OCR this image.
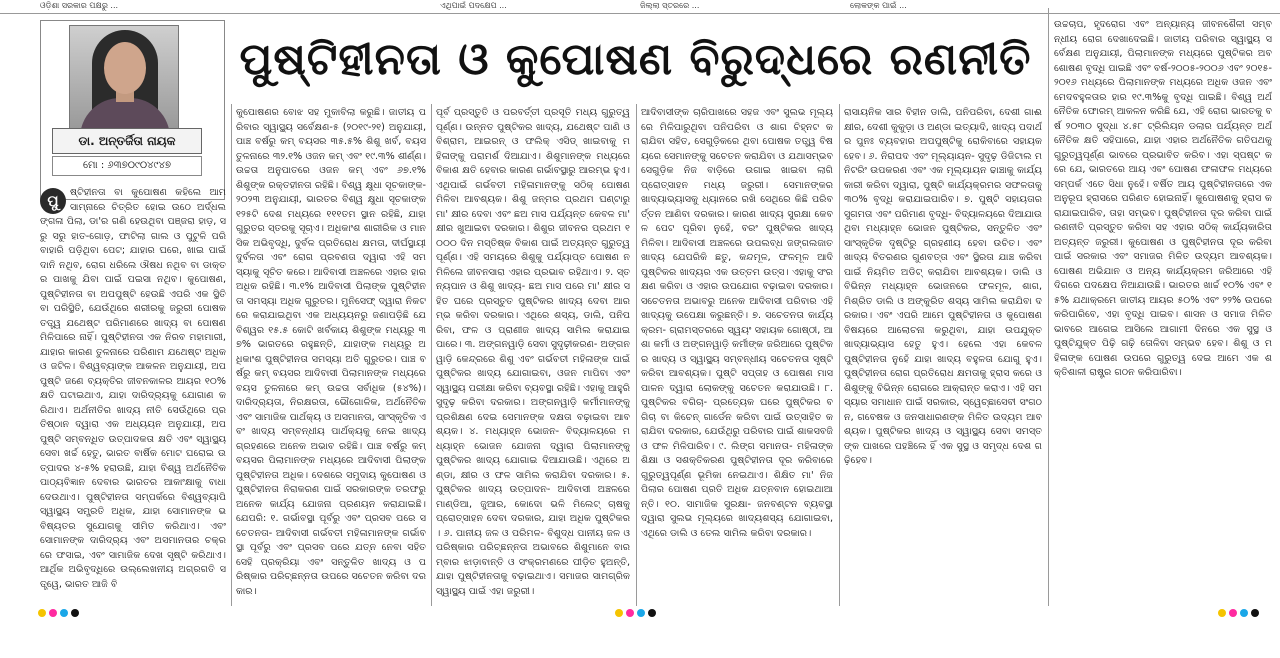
ଓଡ଼ିଶା ସରକାର ପକ୍ଷରୁ ...	ଏଥିପାଇଁ ପଦକ୍ଷେପ ...	ଜିଲ୍ଲା ସ୍ତରରେ ...	ଲୋକଙ୍କ ପାଇଁ ...
ଡା. ଅନ୍ତର୍ଜିତା ନାୟକ
ମୋ : ୬୩୭୦୯୦୪୯୪୭
ପୁଷ୍ଟିହୀନତା ଓ କୁପୋଷଣ ବିରୁଦ୍ଧରେ ରଣନୀତି
ପୁ	ଷ୍ଟିହୀନତା ବା କୁପୋଷଣ କହିଲେ ଆମ ସାମ୍ନାରେ ଚିତ୍ରିତ ହୋଇ ଉଠେ ଅର୍ଦ୍ଧଲଙ୍ଗଳା ପିଲା, ଡା'ର ଗଣି ହେଉଥିବା ପଞ୍ଜରା ହାଡ଼, ସରୁ ସରୁ ହାତ-ଗୋଡ଼, ଫାଟିଲା ଗାଲ ଓ ପୁଟୁଳି ପରି ବାହାରି ପଡ଼ିଥିବା ପେଟ; ଯାହାର ଘରେ, ଖାଇ ପାଇଁ ଦାନି ନଥିବ, ରୋଗ ଧରିଲେ ଔଷଧ ନଥିବ ବା ଡାକ୍ତର ପାଖକୁ ଯିବା ପାଇଁ ପଇସା ନଥିବ। କୁପୋଷଣ, ପୁଷ୍ଟିହୀନତା ବା ଅପପୁଷ୍ଟି ହେଉଛି ଏପରି ଏକ ସ୍ଥିତି ବା ପରିସ୍ଥିତି, ଯେଉଁଥିରେ ଶରୀରକୁ ଜରୁରୀ ପୋଷକ ତତ୍ତ୍ୱ ଯଥେଷ୍ଟ ପରିମାଣରେ ଖାଦ୍ୟ ବା ପୋଷଣ ମିଳିପାରେ ନାହିଁ। ପୁଷ୍ଟିହୀନତା ଏକ ନିରବ ମହାମାରୀ, ଯାହାର କାରଣ ତୁଳନାରେ ପରିଣାମ ଯଥେଷ୍ଟ ଅଧିକ ଓ ଜଟିଳ। ବିଶ୍ୱବ୍ୟାଙ୍କ ଆକଳନ ଅନୁଯାୟୀ, ଅପପୁଷ୍ଟି ଜଣେ ବ୍ୟକ୍ତିର ଜୀବନକାଳର ଆୟର ୧୦% କ୍ଷତି ଘଟାଇଥାଏ, ଯାହା ଦାରିଦ୍ର୍ୟକୁ ଯୋଗାଣ କରିଥାଏ। ଅର୍ଥନୀତିର ଖାଦ୍ୟ ନୀତି ସେଉଁଥିରେ ପ୍ରତିଷ୍ଠାନ ଦ୍ୱାରା ଏକ ଅଧ୍ୟୟନ ଅନୁଯାୟୀ, ଅପପୁଷ୍ଟି ସମ୍ବନ୍ଧିତ ଉତ୍ପାଦକତା କ୍ଷତି ଏବଂ ସ୍ୱାସ୍ଥ୍ୟସେବା ଖର୍ଚ୍ଚ ହେତୁ, ଭାରତ ବାର୍ଷିକ ମୋଟ ଘରୋଇ ଉତ୍ପାଦର ୪-୫% ହରାଉଛି, ଯାହା ବିଶ୍ୱ ଅର୍ଥନୈତିକ ପାଠ୍ୟବିଜ୍ଞାନ ଦେବାର ଭାରତର ଆକାଂକ୍ଷାକୁ ବାଧା ଦେଉଥାଏ। ପୁଷ୍ଟିହୀନତା ସମ୍ପର୍କରେ ବିଶ୍ୱବ୍ୟାପି ସ୍ୱାସ୍ଥ୍ୟ ସମ୍ପ୍ରତି ଅଧିକ, ଯାହା ସୋମାନଙ୍କ ଭବିଷ୍ୟତର ସୁଯୋଗକୁ ସୀମିତ କରିଥାଏ। ଏବଂ ସୋମାନଙ୍କ ଦାରିଦ୍ର୍ୟ ଏବଂ ଅସମାନତାର ଚକ୍ରରେ ଫସାଇ, ଏବଂ ସାମାଜିକ ଦେଖ ସୃଷ୍ଟି କରିଥାଏ। ଆର୍ଥିକ ଅଭିବୃଦ୍ଧିରେ ଉଲ୍ଲେଖନୀୟ ଅଗ୍ରଗତି ସତ୍ତ୍ୱେ, ଭାରତ ଆଜି ବି
କୁପୋଷଣର ବୋଝ ସହ ମୁକାବିଲା କରୁଛି। ଜାତୀୟ ପରିବାର ସ୍ୱାସ୍ଥ୍ୟ ସର୍ବେକ୍ଷଣ-୫ (୨୦୧୯-୨୧) ଅନୁଯାୟୀ, ପାଞ୍ଚ ବର୍ଷରୁ କମ୍ ବୟସର ୩୫.୫% ଶିଶୁ ଖର୍ବ, ବୟସ ତୁଳନାରେ ୩୨.୧% ଓଜନ କମ୍ ଏବଂ ୧୯.୩% ଶୀର୍ଣ୍ଣ। ଉଚ୍ଚତା ଅନୁପାତରେ ଓଜନ କମ୍ ଏବଂ ୬୭.୧% ଶିଶୁଙ୍କ ରକ୍ତହୀନତା ରହିଛି। ବିଶ୍ୱ କ୍ଷୁଧା ସୂଚକାଙ୍କ-୨୦୨୩ ଅନୁଯାୟୀ, ଭାରତର ବିଶ୍ୱ କ୍ଷୁଧା ସୂଚକାଙ୍କ ୧୨୫ଟି ଦେଶ ମଧ୍ୟରେ ୧୧୧ତମ ସ୍ଥାନ ରହିଛି, ଯାହା ଗୁରୁତର ସ୍ତରକୁ ସୂଚାଏ। ଅଧିକାଂଶ ଶାରୀରିକ ଓ ମାନସିକ ଅଭିବୃଦ୍ଧି, ଦୁର୍ବଳ ପ୍ରତିରୋଧ କ୍ଷମତା, ଦୀର୍ଘସ୍ଥାୟୀ ଦୁର୍ବଳତା ଏବଂ ରୋଗ ପ୍ରବଣତା ଦ୍ୱାରା ଏହି ସମସ୍ୟାକୁ ସୂଚିତ କରେ। ଆଦିବାସୀ ଅଞ୍ଚଳରେ ଏହାର ହାର ଅଧିକ ରହିଛି। ୩.୧% ଆଦିବାସୀ ପିଲାଙ୍କ ପୁଷ୍ଟିହୀନତା ସମସ୍ୟା ଅଧିକ ଗୁରୁତର। ମୁନିସେଫ୍ ଦ୍ୱାରା ନିକଟରେ କରାଯାଇଥିବା ଏକ ଅଧ୍ୟୟନରୁ ଜଣାପଡ଼ିଛି ଯେ ବିଶ୍ୱର ୧୫.୫ କୋଟି ଖର୍ବକାୟ ଶିଶୁଙ୍କ ମଧ୍ୟରୁ ୩୭% ଭାରତରେ ରହୁଛନ୍ତି, ଯାହାଙ୍କ ମଧ୍ୟରୁ ଅଧିକାଂଶ ପୁଷ୍ଟିହୀନତା ସମସ୍ୟା ଅତି ଗୁରୁତର। ପାଞ୍ଚ ବର୍ଷରୁ କମ୍ ବୟସର ଆଦିବାସୀ ପିଲାମାନଙ୍କ ମଧ୍ୟରେ ବୟସ ତୁଳନାରେ କମ୍ ଉଚ୍ଚତା ସର୍ବାଧିକ (୫୪%)। ଦାରିଦ୍ର୍ୟତା, ନିରକ୍ଷରତା, ଭୌଗୋଳିକ, ଅର୍ଥନୈତିକ ଏବଂ ସାମାଜିକ ପାର୍ଥକ୍ୟ ଓ ଅସମାନତା, ସାଂସ୍କୃତିକ ଏବଂ ଖାଦ୍ୟ ସମ୍ବନ୍ଧୀୟ ପାର୍ଥକ୍ୟକୁ ନେଇ ଖାଦ୍ୟ ଗ୍ରହଣରେ ଅନେକ ଅଭାବ ରହିଛି। ପାଞ୍ଚ ବର୍ଷରୁ କମ୍ ବୟସର ପିଲାମାନଙ୍କ ମଧ୍ୟରେ ଆଦିବାସୀ ପିଲାଙ୍କ ପୁଷ୍ଟିହୀନତା ଅଧିକ। ଦେଶରେ ସମୁଦାୟ କୁପୋଷଣ ଓ ପୁଷ୍ଟିହୀନତା ନିରାକରଣ ପାଇଁ ସରକାରଙ୍କ ତରଫରୁ ଅନେକ କାର୍ଯ୍ୟ ଯୋଜନା ପ୍ରଣୟନ କରାଯାଇଛି। ଯେପରି: ୧. ଗର୍ଭାବସ୍ଥା ପୂର୍ବରୁ ଏବଂ ପ୍ରସବ ପରେ ସଚେତନତା- ଆଦିବାସୀ ଗର୍ଭବତୀ ମହିଳାମାନଙ୍କ ଗର୍ଭାବସ୍ଥା ପୂର୍ବରୁ ଏବଂ ପ୍ରସବ ପରେ ଯତ୍ନ ନେବା ସହିତ ସେହି ପ୍ରକ୍ରିୟା ଏବଂ ସନ୍ତୁଳିତ ଖାଦ୍ୟ ଓ ପରିଷ୍କାର ପରିଚ୍ଛନ୍ନତା ଉପରେ ସଚେତନ କରିବା ଦରକାର।
ପୂର୍ବ ପ୍ରସ୍ତୁତି ଓ ପରବର୍ତ୍ତୀ ପ୍ରସୂତି ମଧ୍ୟ ଗୁରୁତ୍ୱପୂର୍ଣ୍ଣ। ଉନ୍ନତ ପୁଷ୍ଟିକର ଖାଦ୍ୟ, ଯଥେଷ୍ଟ ପାଣି ଓ ବିଶ୍ରାମ, ଆଇରନ୍ ଓ ଫଲିକ୍ ଏସିଡ୍ ଖାଇବାକୁ ମହିଳାଙ୍କୁ ପରାମର୍ଶ ଦିଆଯାଏ। ଶିଶୁମାନଙ୍କ ମଧ୍ୟରେ ବିକାଶ କ୍ଷତି ହେବାର କାରଣ ଗର୍ଭାବସ୍ଥାରୁ ଆରମ୍ଭ ହୁଏ। ଏଥିପାଇଁ ଗର୍ଭବତୀ ମହିଳାମାନଙ୍କୁ ସଠିକ୍ ପୋଷଣ ମିଳିବା ଆବଶ୍ୟକ। ଶିଶୁ ଜନ୍ମର ପ୍ରଥମ ଘଣ୍ଟାରୁ ମା' କ୍ଷୀର ଦେବା ଏବଂ ଛଅ ମାସ ପର୍ଯ୍ୟନ୍ତ କେବଳ ମା' କ୍ଷୀର ଖୁଆଇବା ଦରକାର। ଶିଶୁର ଜୀବନର ପ୍ରଥମ ୧୦୦୦ ଦିନ ମସ୍ତିଷ୍କ ବିକାଶ ପାଇଁ ଅତ୍ୟନ୍ତ ଗୁରୁତ୍ୱପୂର୍ଣ୍ଣ। ଏହି ସମୟରେ ଶିଶୁକୁ ପର୍ଯ୍ୟାପ୍ତ ପୋଷଣ ନମିଳିଲେ ଜୀବନସାରା ଏହାର ପ୍ରଭାବ ରହିଥାଏ। ୨. ସ୍ତନ୍ୟପାନ ଓ ଶିଶୁ ଖାଦ୍ୟ- ଛଅ ମାସ ପରେ ମା' କ୍ଷୀର ସହିତ ଘରେ ପ୍ରସ୍ତୁତ ପୁଷ୍ଟିକର ଖାଦ୍ୟ ଦେବା ଆରମ୍ଭ କରିବା ଦରକାର। ଏଥିରେ ଶସ୍ୟ, ଡାଲି, ପନିପରିବା, ଫଳ ଓ ପ୍ରାଣୀଜ ଖାଦ୍ୟ ସାମିଲ କରାଯାଇପାରେ। ୩. ଅଙ୍ଗନୱାଡ଼ି ସେବା ସୁଦୃଢ଼ୀକରଣ- ଅଙ୍ଗନୱାଡ଼ି କେନ୍ଦ୍ରରେ ଶିଶୁ ଏବଂ ଗର୍ଭବତୀ ମହିଳାଙ୍କ ପାଇଁ ପୁଷ୍ଟିକର ଖାଦ୍ୟ ଯୋଗାଇବା, ଓଜନ ମାପିବା ଏବଂ ସ୍ୱାସ୍ଥ୍ୟ ପରୀକ୍ଷା କରିବା ବ୍ୟବସ୍ଥା ରହିଛି। ଏହାକୁ ଆହୁରି ସୁଦୃଢ଼ କରିବା ଦରକାର। ଅଙ୍ଗନୱାଡ଼ି କର୍ମୀମାନଙ୍କୁ ପ୍ରଶିକ୍ଷଣ ଦେଇ ସେମାନଙ୍କ ଦକ୍ଷତା ବଢ଼ାଇବା ଆବଶ୍ୟକ। ୪. ମଧ୍ୟାହ୍ନ ଭୋଜନ- ବିଦ୍ୟାଳୟରେ ମଧ୍ୟାହ୍ନ ଭୋଜନ ଯୋଜନା ଦ୍ୱାରା ପିଲାମାନଙ୍କୁ ପୁଷ୍ଟିକର ଖାଦ୍ୟ ଯୋଗାଇ ଦିଆଯାଉଛି। ଏଥିରେ ଅଣ୍ଡା, କ୍ଷୀର ଓ ଫଳ ସାମିଲ କରାଯିବା ଦରକାର। ୫. ପୁଷ୍ଟିକର ଖାଦ୍ୟ ଉତ୍ପାଦନ- ଆଦିବାସୀ ଅଞ୍ଚଳରେ ମାଣ୍ଡିଆ, ଜୁଆର, କୋଦୋ ଭଳି ମିଲେଟ୍ ଚାଷକୁ ପ୍ରୋତ୍ସାହନ ଦେବା ଦରକାର, ଯାହା ଅଧିକ ପୁଷ୍ଟିକର। ୬. ପାନୀୟ ଜଳ ଓ ପରିମଳ- ବିଶୁଦ୍ଧ ପାନୀୟ ଜଳ ଓ ପରିଷ୍କାର ପରିଚ୍ଛନ୍ନତା ଅଭାବରେ ଶିଶୁମାନେ ବାରମ୍ବାର ଝାଡ଼ାବାନ୍ତି ଓ ସଂକ୍ରମଣରେ ପୀଡ଼ିତ ହୁଅନ୍ତି, ଯାହା ପୁଷ୍ଟିହୀନତାକୁ ବଢ଼ାଇଥାଏ। ସମାଜର ସାମଗ୍ରିକ ସ୍ୱାସ୍ଥ୍ୟ ପାଇଁ ଏହା ଜରୁରୀ।
ଆଦିବାସୀଙ୍କ ଚାରିପାଖରେ ସହଜ ଏବଂ ସୁଲଭ ମୂଲ୍ୟରେ ମିଳିପାରୁଥିବା ପନିପରିବା ଓ ଶାଗ ଚିହ୍ନଟ କରାଯିବା ସହିତ, ସେଗୁଡ଼ିକରେ ଥିବା ପୋଷକ ତତ୍ତ୍ୱ ବିଷୟରେ ସେମାନଙ୍କୁ ସଚେତନ କରାଯିବା ଓ ଯଥାସମ୍ଭବ ସେଗୁଡ଼ିକ ନିଜ ବାଡ଼ିରେ ଉଗାଇ ଖାଇବା ଲାଗି ପ୍ରୋତ୍ସାହନ ମଧ୍ୟ ଜରୁରୀ। ସେମାନଙ୍କର ଖାଦ୍ୟାଭ୍ୟାସକୁ ଧ୍ୟାନରେ ରଖି ସେଥିରେ କିଛି ପରିବର୍ତ୍ତନ ଆଣିବା ଦରକାର। କାରଣ ଖାଦ୍ୟ ସୁରକ୍ଷା କେବଳ ପେଟ ପୂରିବା ନୁହେଁ, ବରଂ ପୁଷ୍ଟିକର ଖାଦ୍ୟ ମିଳିବା। ଆଦିବାସୀ ଅଞ୍ଚଳରେ ଉପଲବ୍ଧ ଜଙ୍ଗଲଜାତ ଖାଦ୍ୟ ଯେପରିକି ଛତୁ, କନ୍ଦମୂଳ, ଫଳମୂଳ ଆଦି ପୁଷ୍ଟିକର ଖାଦ୍ୟର ଏକ ଉତ୍ତମ ଉତ୍ସ। ଏହାକୁ ସଂରକ୍ଷଣ କରିବା ଓ ଏହାର ଉପଯୋଗ ବଢ଼ାଇବା ଦରକାର। ସଚେତନତା ଅଭାବରୁ ଅନେକ ଆଦିବାସୀ ପରିବାର ଏହି ଖାଦ୍ୟକୁ ଉପେକ୍ଷା କରୁଛନ୍ତି। ୭. ସଚେତନତା କାର୍ଯ୍ୟକ୍ରମ- ଗ୍ରାମସ୍ତରରେ ସ୍ୱୟଂ ସହାୟକ ଗୋଷ୍ଠୀ, ଆଶା କର୍ମୀ ଓ ଅଙ୍ଗନୱାଡ଼ି କର୍ମୀଙ୍କ ଜରିଆରେ ପୁଷ୍ଟିକର ଖାଦ୍ୟ ଓ ସ୍ୱାସ୍ଥ୍ୟ ସମ୍ବନ୍ଧୀୟ ସଚେତନତା ସୃଷ୍ଟି କରିବା ଆବଶ୍ୟକ। ପୁଷ୍ଟି ସପ୍ତାହ ଓ ପୋଷଣ ମାସ ପାଳନ ଦ୍ୱାରା ଲୋକଙ୍କୁ ସଚେତନ କରାଯାଉଛି। ୮. ପୁଷ୍ଟିକର ବଗିଚା- ପ୍ରତ୍ୟେକ ଘରେ ପୁଷ୍ଟିକର ବଗିଚା ବା କିଚେନ୍ ଗାର୍ଡେନ କରିବା ପାଇଁ ଉତ୍ସାହିତ କରାଯିବା ଦରକାର, ଯେଉଁଥିରୁ ପରିବାର ପାଇଁ ଶାକସବଜି ଓ ଫଳ ମିଳିପାରିବ। ୯. ଲିଙ୍ଗ ସମାନତା- ମହିଳାଙ୍କ ଶିକ୍ଷା ଓ ସଶକ୍ତିକରଣ ପୁଷ୍ଟିହୀନତା ଦୂର କରିବାରେ ଗୁରୁତ୍ୱପୂର୍ଣ୍ଣ ଭୂମିକା ନେଇଥାଏ। ଶିକ୍ଷିତ ମା' ନିଜ ପିଲାର ପୋଷଣ ପ୍ରତି ଅଧିକ ଯତ୍ନବାନ ହୋଇଥାଆନ୍ତି। ୧୦. ସାମାଜିକ ସୁରକ୍ଷା- ଜନବଣ୍ଟନ ବ୍ୟବସ୍ଥା ଦ୍ୱାରା ସୁଲଭ ମୂଲ୍ୟରେ ଖାଦ୍ୟଶସ୍ୟ ଯୋଗାଇବା, ଏଥିରେ ଡାଲି ଓ ତେଲ ସାମିଲ କରିବା ଦରକାର।
ରାସାୟନିକ ସାର ବିହୀନ ଡାଲି, ପନିପରିବା, ଦେଶୀ ଗାଈ କ୍ଷୀର, ଦେଶୀ କୁକୁଡ଼ା ଓ ଅଣ୍ଡା ଇତ୍ୟାଦି, ଖାଦ୍ୟ ପଦାର୍ଥର ପୁନଃ ବ୍ୟବହାର ଅପପୁଷ୍ଟିକୁ ରୋକିବାରେ ସହାୟକ ହେବ। ୬. ନିରାପଦ ଏବଂ ମୂଲ୍ୟାୟନ- ସୁଦୃଢ଼ ଡିଜିଟାଲ ମନିଟରିଂ ଉପକରଣ ଏବଂ ଏକ ମୂଲ୍ୟାୟନ ଢାଞ୍ଚାକୁ କାର୍ଯ୍ୟକାରୀ କରିବା ଦ୍ୱାରା, ପୁଷ୍ଟି କାର୍ଯ୍ୟକ୍ରମର ସଫଳତାକୁ ୩୦% ବୃଦ୍ଧି କରାଯାଇପାରିବ। ୭. ପୁଷ୍ଟି ସହାୟତାର ସୁଗମତା ଏବଂ ପରିମାଣ ବୃଦ୍ଧି- ବିଦ୍ୟାଳୟରେ ଦିଆଯାଉଥିବା ମଧ୍ୟାହ୍ନ ଭୋଜନ ପୁଷ୍ଟିକର, ସନ୍ତୁଳିତ ଏବଂ ସାଂସ୍କୃତିକ ଦୃଷ୍ଟିରୁ ଗ୍ରହଣୀୟ ହେବା ଉଚିତ। ଏବଂ ଖାଦ୍ୟ ବିତରଣର ଗୁଣବତ୍ତା ଏବଂ ସ୍ଥିରତା ଯାଞ୍ଚ କରିବା ପାଇଁ ନିୟମିତ ଅଡିଟ୍ କରାଯିବା ଆବଶ୍ୟକ। ଡାଲି ଓ ବିଭିନ୍ନ ମଧ୍ୟାହ୍ନ ଭୋଜନରେ ଫଳମୂଳ, ଶାଗ, ମିଶ୍ରିତ ଡାଲି ଓ ଅଙ୍କୁରିତ ଶସ୍ୟ ସାମିଲ କରାଯିବା ଦରକାର। ଏବଂ ଏପରି ଆମେ ପୁଷ୍ଟିହୀନତା ଓ କୁପୋଷଣ ବିଷୟରେ ଆଲୋଚନା କରୁଥିବା, ଯାହା ଉପଯୁକ୍ତ ଖାଦ୍ୟାଭ୍ୟାସ ହେତୁ ହୁଏ। ହେଲେ ଏହା କେବଳ ପୁଷ୍ଟିହୀନତା ନୁହେଁ ଯାହା ଖାଦ୍ୟ ବହୁଳତା ଯୋଗୁ ହୁଏ। ପୁଷ୍ଟିହୀନତା ରୋଗ ପ୍ରତିରୋଧ କ୍ଷମତାକୁ ହ୍ରାସ କରେ ଓ ଶିଶୁଙ୍କୁ ବିଭିନ୍ନ ରୋଗରେ ଆକ୍ରାନ୍ତ କରାଏ। ଏହି ସମସ୍ୟାର ସମାଧାନ ପାଇଁ ସରକାର, ସ୍ୱେଚ୍ଛାସେବୀ ସଂଗଠନ, ଗବେଷକ ଓ ଜନସାଧାରଣଙ୍କ ମିଳିତ ଉଦ୍ୟମ ଆବଶ୍ୟକ। ପୁଷ୍ଟିକର ଖାଦ୍ୟ ଓ ସ୍ୱାସ୍ଥ୍ୟ ସେବା ସମସ୍ତଙ୍କ ପାଖରେ ପହଞ୍ଚିଲେ ହିଁ ଏକ ସୁସ୍ଥ ଓ ସମୃଦ୍ଧ ଦେଶ ଗଢ଼ିହେବ।
ଉଚ୍ଚଚାପ, ହୃଦରୋଗ ଏବଂ ଅନ୍ୟାନ୍ୟ ଜୀବନଶୈଳୀ ସମ୍ବନ୍ଧୀୟ ରୋଗ ଦେଖାଦେଇଛି। ଜାତୀୟ ପରିବାର ସ୍ୱାସ୍ଥ୍ୟ ସର୍ବେକ୍ଷଣ ଅନୁଯାୟୀ, ପିଲାମାନଙ୍କ ମଧ୍ୟରେ ପୁଷ୍ଟିକର ଅବଶୋଷଣ ବୃଦ୍ଧି ପାଇଛି ଏବଂ ବର୍ଷ-୨୦୦୫-୨୦୦୬ ଏବଂ ୨୦୧୫-୨୦୧୬ ମଧ୍ୟରେ ପିଲାମାନଙ୍କ ମଧ୍ୟରେ ଅଧିକ ଓଜନ ଏବଂ ମେଦବହୁଳତାର ହାର ୧୯.୩%କୁ ବୃଦ୍ଧି ପାଇଛି। ବିଶ୍ୱ ଅର୍ଥନୈତିକ ଫୋରମ୍ ଆକଳନ କରିଛି ଯେ, ଏହି ରୋଗ ଭାରତକୁ ବର୍ଷ ୨୦୩୦ ସୁଦ୍ଧା ୪.୫୮ ଟ୍ରିଲିୟନ ଡଲାର ପର୍ଯ୍ୟନ୍ତ ଅର୍ଥନୈତିକ କ୍ଷତି ସହିପାରେ, ଯାହା ଏହାର ଅର୍ଥନୈତିକ ଗତିପଥକୁ ଗୁରୁତ୍ୱପୂର୍ଣ୍ଣ ଭାବରେ ପ୍ରଭାବିତ କରିବ। ଏହା ସ୍ପଷ୍ଟ କରେ ଯେ, ଭାରତରେ ଆୟ ଏବଂ ପୋଷଣ ଫଳାଫଳ ମଧ୍ୟରେ ସମ୍ପର୍କ ଏତେ ସିଧା ନୁହେଁ। ବର୍ଷିତ ଆୟ ପୁଷ୍ଟିହୀନତାରେ ଏକ ଅନୁରୂପ ହ୍ରାସରେ ପରିଣତ ହୋଇନାହିଁ। କୁପୋଷଣକୁ ହ୍ରାସ କରାଯାଇପାରିବ, ତାହା ସମ୍ଭବ। ପୁଷ୍ଟିହୀନତା ଦୂର କରିବା ପାଇଁ ରଣନୀତି ପ୍ରସ୍ତୁତ କରିବା ସହ ଏହାର ସଠିକ୍ କାର୍ଯ୍ୟକାରିତା ଅତ୍ୟନ୍ତ ଜରୁରୀ। କୁପୋଷଣ ଓ ପୁଷ୍ଟିହୀନତା ଦୂର କରିବା ପାଇଁ ସରକାର ଏବଂ ସମାଜର ମିଳିତ ଉଦ୍ୟମ ଆବଶ୍ୟକ। ପୋଷଣ ଅଭିଯାନ ଓ ଅନ୍ୟ କାର୍ଯ୍ୟକ୍ରମ ଜରିଆରେ ଏହି ଦିଗରେ ପଦକ୍ଷେପ ନିଆଯାଉଛି। ଭାରତର ଖାର୍ଚ୍ଚ ୧୦% ଏବଂ ୧୫% ଯଥାକ୍ରମେ ଜାତୀୟ ଆୟର ୫୦% ଏବଂ ୨୨% ଉପରେ କରିପାରିବେ, ଏହା ବୃଦ୍ଧି ପାଇବ। ଶାସନ ଓ ସମାଜ ମିଳିତ ଭାବରେ ଆଗେଇ ଆସିଲେ ଆଗାମୀ ଦିନରେ ଏକ ସୁସ୍ଥ ଓ ପୁଷ୍ଟିଯୁକ୍ତ ପିଢ଼ି ଗଢ଼ି ତୋଳିବା ସମ୍ଭବ ହେବ। ଶିଶୁ ଓ ମହିଳାଙ୍କ ପୋଷଣ ଉପରେ ଗୁରୁତ୍ୱ ଦେଇ ଆମେ ଏକ ଶକ୍ତିଶାଳୀ ରାଷ୍ଟ୍ର ଗଠନ କରିପାରିବା।
